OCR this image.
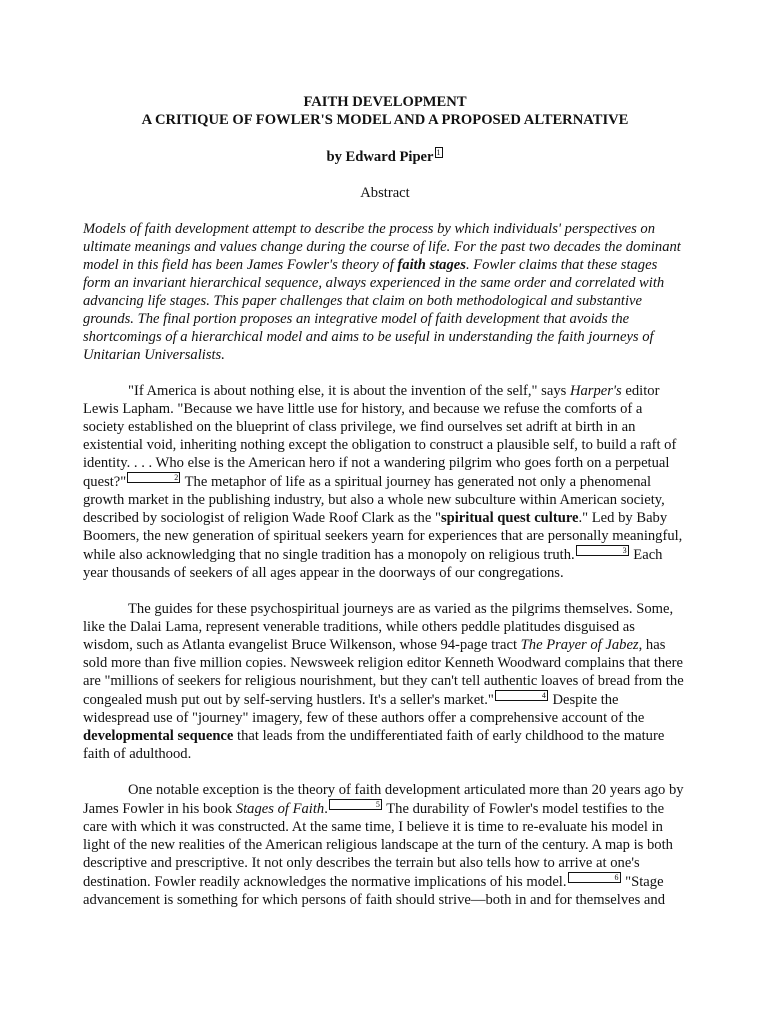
FAITH DEVELOPMENT
A CRITIQUE OF FOWLER'S MODEL AND A PROPOSED ALTERNATIVE
by Edward Piper 1
Abstract
Models of faith development attempt to describe the process by which individuals' perspectives on ultimate meanings and values change during the course of life. For the past two decades the dominant model in this field has been James Fowler's theory of faith stages. Fowler claims that these stages form an invariant hierarchical sequence, always experienced in the same order and correlated with advancing life stages. This paper challenges that claim on both methodological and substantive grounds. The final portion proposes an integrative model of faith development that avoids the shortcomings of a hierarchical model and aims to be useful in understanding the faith journeys of Unitarian Universalists.

"If America is about nothing else, it is about the invention of the self," says Harper's editor Lewis Lapham. "Because we have little use for history, and because we refuse the comforts of a society established on the blueprint of class privilege, we find ourselves set adrift at birth in an existential void, inheriting nothing except the obligation to construct a plausible self, to build a raft of identity. . . . Who else is the American hero if not a wandering pilgrim who goes forth on a perpetual quest?"	2 The metaphor of life as a spiritual journey has generated not only a phenomenal growth market in the publishing industry, but also a whole new subculture within American society, described by sociologist of religion Wade Roof Clark as the "spiritual quest culture." Led by Baby Boomers, the new generation of spiritual seekers yearn for experiences that are personally meaningful, while also acknowledging that no single tradition has a monopoly on religious truth.	3 Each year thousands of seekers of all ages appear in the doorways of our congregations.

The guides for these psychospiritual journeys are as varied as the pilgrims themselves. Some, like the Dalai Lama, represent venerable traditions, while others peddle platitudes disguised as wisdom, such as Atlanta evangelist Bruce Wilkenson, whose 94-page tract The Prayer of Jabez, has sold more than five million copies. Newsweek religion editor Kenneth Woodward complains that there are "millions of seekers for religious nourishment, but they can't tell authentic loaves of bread from the congealed mush put out by self-serving hustlers. It's a seller's market."	4 Despite the widespread use of "journey" imagery, few of these authors offer a comprehensive account of the developmental sequence that leads from the undifferentiated faith of early childhood to the mature faith of adulthood.

One notable exception is the theory of faith development articulated more than 20 years ago by James Fowler in his book Stages of Faith.	5 The durability of Fowler's model testifies to the care with which it was constructed. At the same time, I believe it is time to re-evaluate his model in light of the new realities of the American religious landscape at the turn of the century. A map is both descriptive and prescriptive. It not only describes the terrain but also tells how to arrive at one's destination. Fowler readily acknowledges the normative implications of his model.	6 "Stage advancement is something for which persons of faith should strive—both in and for themselves and
